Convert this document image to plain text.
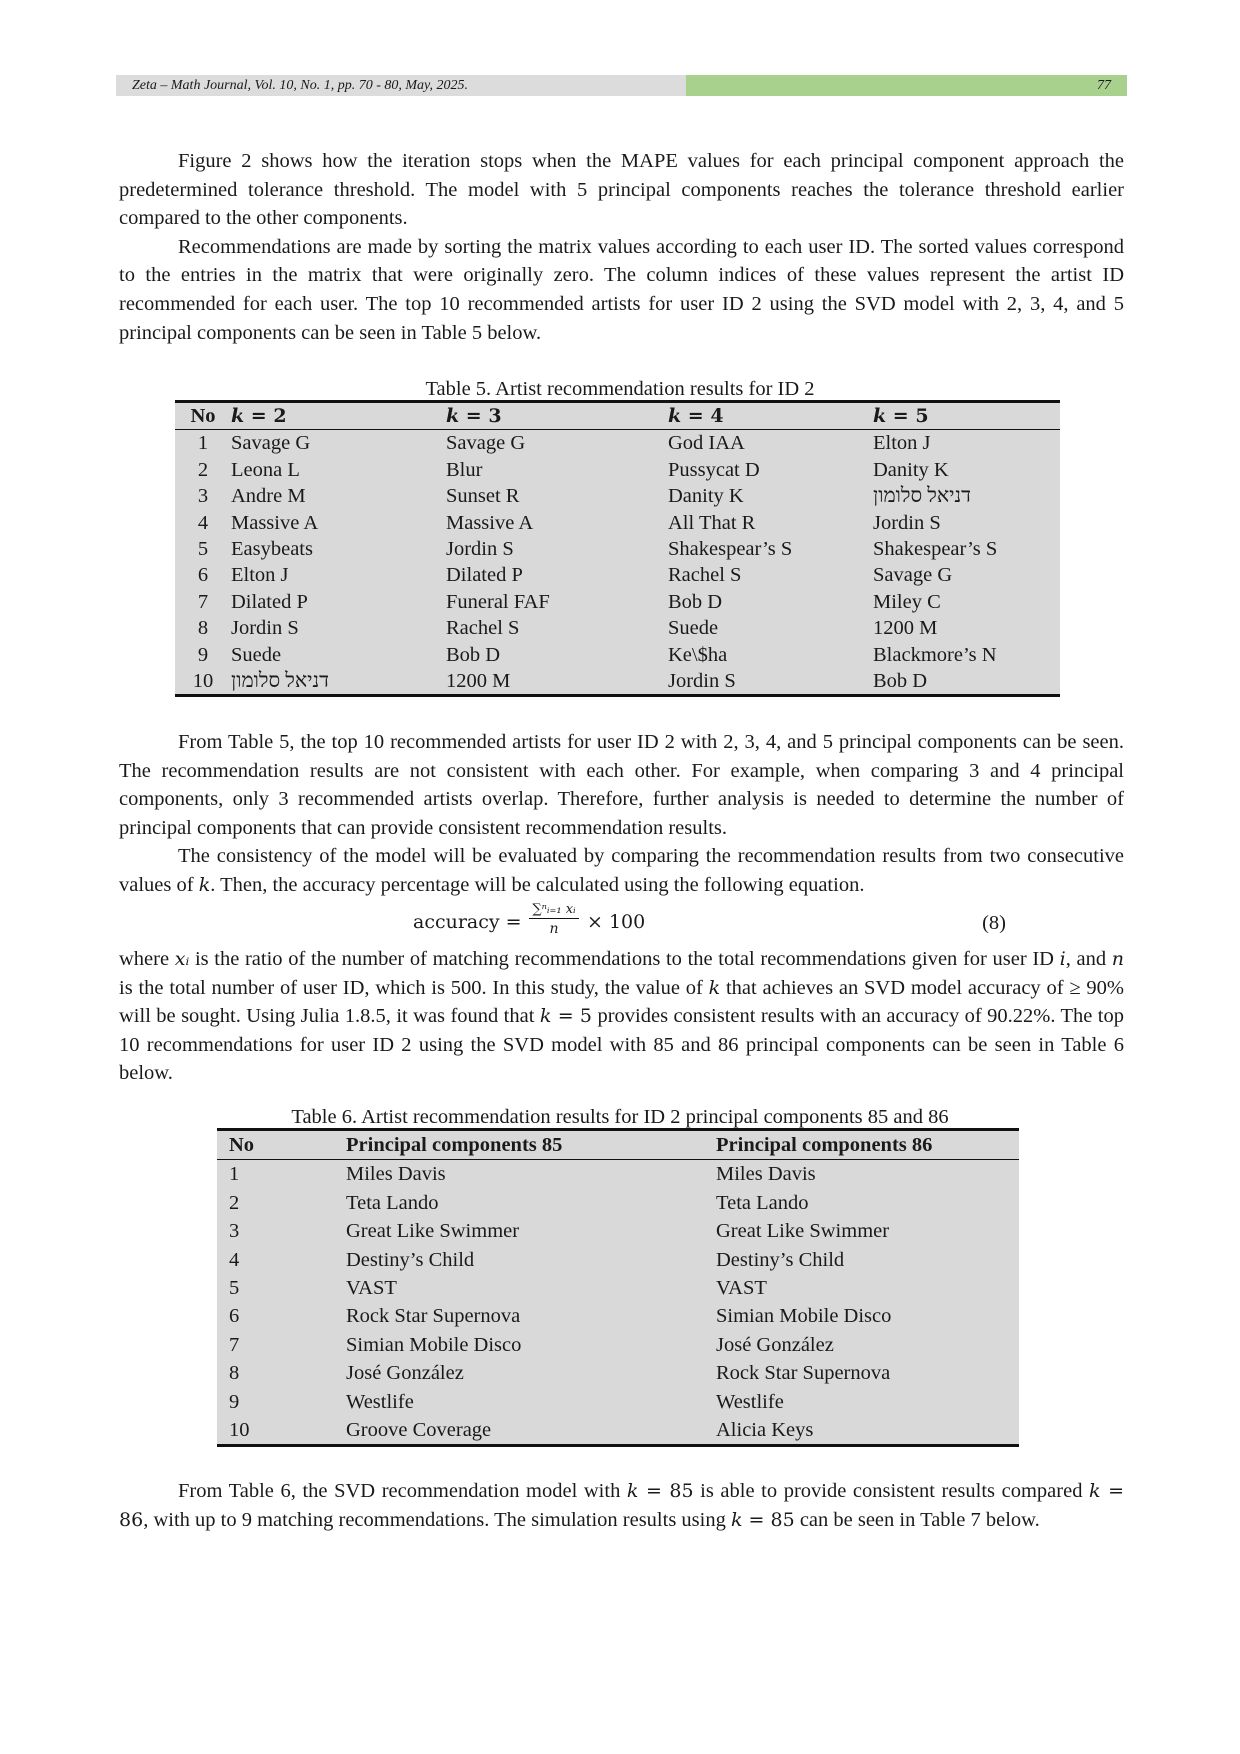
Zeta – Math Journal, Vol. 10, No. 1, pp. 70 - 80, May, 2025.	77

Figure 2 shows how the iteration stops when the MAPE values for each principal component approach the predetermined tolerance threshold. The model with 5 principal components reaches the tolerance threshold earlier compared to the other components.

Recommendations are made by sorting the matrix values according to each user ID. The sorted values correspond to the entries in the matrix that were originally zero. The column indices of these values represent the artist ID recommended for each user. The top 10 recommended artists for user ID 2 using the SVD model with 2, 3, 4, and 5 principal components can be seen in Table 5 below.

Table 5. Artist recommendation results for ID 2
No	k = 2	k = 3	k = 4	k = 5
1	Savage G	Savage G	God IAA	Elton J
2	Leona L	Blur	Pussycat D	Danity K
3	Andre M	Sunset R	Danity K	דניאל סלומון
4	Massive A	Massive A	All That R	Jordin S
5	Easybeats	Jordin S	Shakespear’s S	Shakespear’s S
6	Elton J	Dilated P	Rachel S	Savage G
7	Dilated P	Funeral FAF	Bob D	Miley C
8	Jordin S	Rachel S	Suede	1200 M
9	Suede	Bob D	Ke\$ha	Blackmore’s N
10	דניאל סלומון	1200 M	Jordin S	Bob D

From Table 5, the top 10 recommended artists for user ID 2 with 2, 3, 4, and 5 principal components can be seen. The recommendation results are not consistent with each other. For example, when comparing 3 and 4 principal components, only 3 recommended artists overlap. Therefore, further analysis is needed to determine the number of principal components that can provide consistent recommendation results.

The consistency of the model will be evaluated by comparing the recommendation results from two consecutive values of k. Then, the accuracy percentage will be calculated using the following equation.

accuracy = $\frac{\text{∑ⁿᵢ₌₁ xᵢ}}{n} \times 100$	(8)

where xᵢ is the ratio of the number of matching recommendations to the total recommendations given for user ID i, and n is the total number of user ID, which is 500. In this study, the value of k that achieves an SVD model accuracy of ≥ 90% will be sought. Using Julia 1.8.5, it was found that k = 5 provides consistent results with an accuracy of 90.22%. The top 10 recommendations for user ID 2 using the SVD model with 85 and 86 principal components can be seen in Table 6 below.

Table 6. Artist recommendation results for ID 2 principal components 85 and 86
No	Principal components 85	Principal components 86
1	Miles Davis	Miles Davis
2	Teta Lando	Teta Lando
3	Great Like Swimmer	Great Like Swimmer
4	Destiny’s Child	Destiny’s Child
5	VAST	VAST
6	Rock Star Supernova	Simian Mobile Disco
7	Simian Mobile Disco	José González
8	José González	Rock Star Supernova
9	Westlife	Westlife
10	Groove Coverage	Alicia Keys

From Table 6, the SVD recommendation model with k = 85 is able to provide consistent results compared k = 86, with up to 9 matching recommendations. The simulation results using k = 85 can be seen in Table 7 below.
